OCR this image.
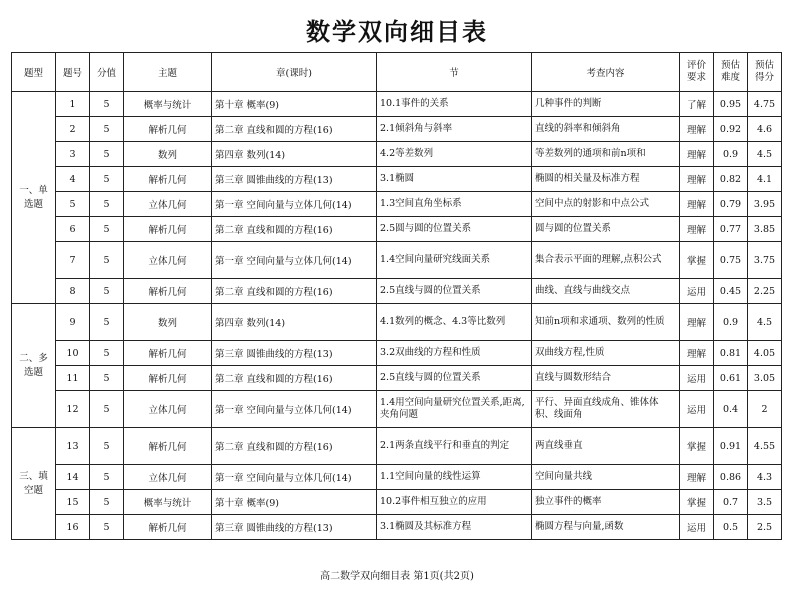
数学双向细目表
题型	题号	分值	主题	章(课时)	节	考查内容	评价要求	预估难度	预估得分
一、单选题	1	5	概率与统计	第十章 概率(9)	10.1事件的关系	几种事件的判断	了解	0.95	4.75
	2	5	解析几何	第二章 直线和圆的方程(16)	2.1倾斜角与斜率	直线的斜率和倾斜角	理解	0.92	4.6
	3	5	数列	第四章 数列(14)	4.2等差数列	等差数列的通项和前n项和	理解	0.9	4.5
	4	5	解析几何	第三章 圆锥曲线的方程(13)	3.1椭圆	椭圆的相关量及标准方程	理解	0.82	4.1
	5	5	立体几何	第一章 空间向量与立体几何(14)	1.3空间直角坐标系	空间中点的射影和中点公式	理解	0.79	3.95
	6	5	解析几何	第二章 直线和圆的方程(16)	2.5圆与圆的位置关系	圆与圆的位置关系	理解	0.77	3.85
	7	5	立体几何	第一章 空间向量与立体几何(14)	1.4空间向量研究线面关系	集合表示平面的理解,点积公式	掌握	0.75	3.75
	8	5	解析几何	第二章 直线和圆的方程(16)	2.5直线与圆的位置关系	曲线、直线与曲线交点	运用	0.45	2.25
二、多选题	9	5	数列	第四章 数列(14)	4.1数列的概念、4.3等比数列	知前n项和求通项、数列的性质	理解	0.9	4.5
	10	5	解析几何	第三章 圆锥曲线的方程(13)	3.2双曲线的方程和性质	双曲线方程,性质	理解	0.81	4.05
	11	5	解析几何	第二章 直线和圆的方程(16)	2.5直线与圆的位置关系	直线与圆数形结合	运用	0.61	3.05
	12	5	立体几何	第一章 空间向量与立体几何(14)	1.4用空间向量研究位置关系,距离,夹角问题	平行、异面直线成角、锥体体积、线面角	运用	0.4	2
三、填空题	13	5	解析几何	第二章 直线和圆的方程(16)	2.1两条直线平行和垂直的判定	两直线垂直	掌握	0.91	4.55
	14	5	立体几何	第一章 空间向量与立体几何(14)	1.1空间向量的线性运算	空间向量共线	理解	0.86	4.3
	15	5	概率与统计	第十章 概率(9)	10.2事件相互独立的应用	独立事件的概率	掌握	0.7	3.5
	16	5	解析几何	第三章 圆锥曲线的方程(13)	3.1椭圆及其标准方程	椭圆方程与向量,函数	运用	0.5	2.5
高二数学双向细目表 第1页(共2页)
